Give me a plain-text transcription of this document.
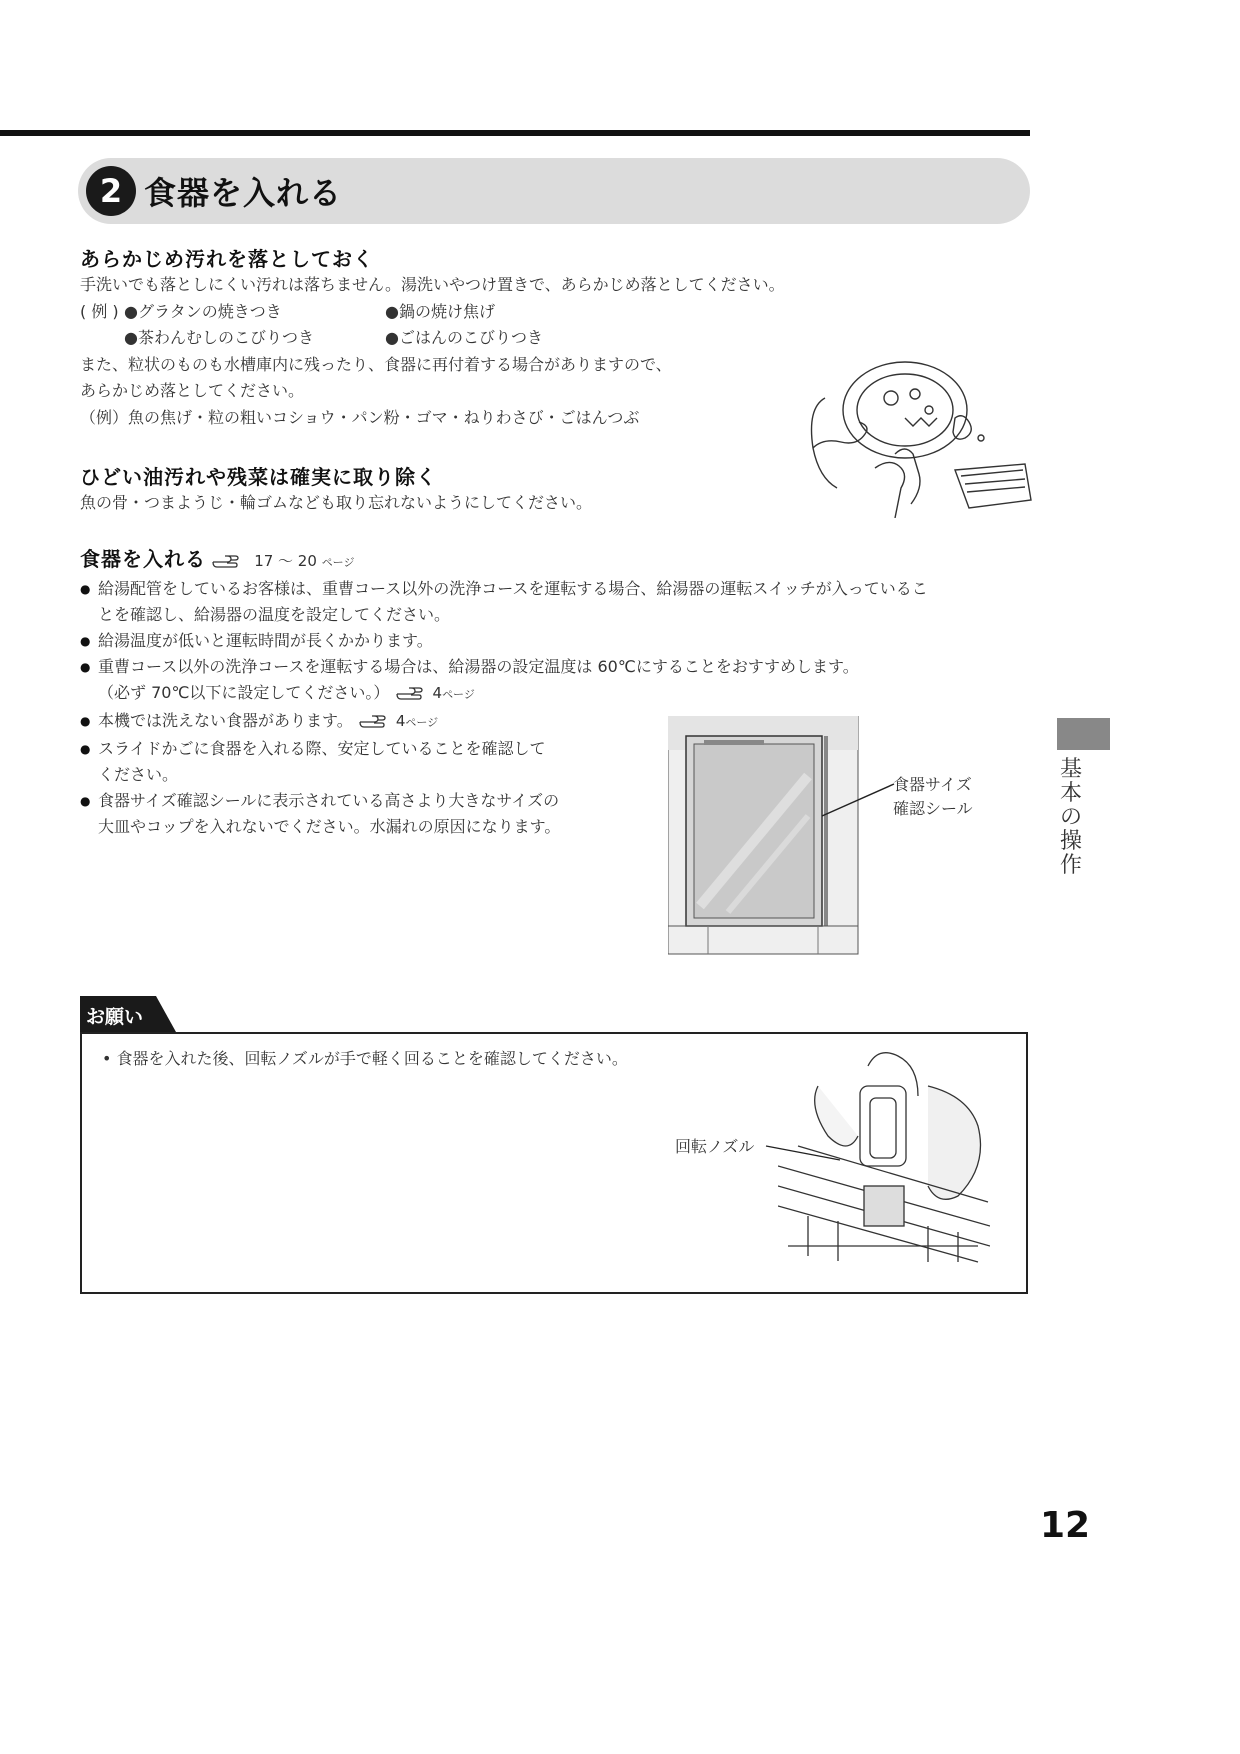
2 食器を入れる
あらかじめ汚れを落としておく
手洗いでも落としにくい汚れは落ちません。湯洗いやつけ置きで、あらかじめ落としてください。
( 例 ) ●グラタンの焼きつき	●鍋の焼け焦げ
●茶わんむしのこびりつき	●ごはんのこびりつき
また、粒状のものも水槽庫内に残ったり、食器に再付着する場合がありますので、
あらかじめ落としてください。
（例）魚の焦げ・粒の粗いコショウ・パン粉・ゴマ・ねりわさび・ごはんつぶ
ひどい油汚れや残菜は確実に取り除く
魚の骨・つまようじ・輪ゴムなども取り忘れないようにしてください。
食器を入れる	17 ～ 20 ページ
● 給湯配管をしているお客様は、重曹コース以外の洗浄コースを運転する場合、給湯器の運転スイッチが入っているこ
とを確認し、給湯器の温度を設定してください。
● 給湯温度が低いと運転時間が長くかかります。
● 重曹コース以外の洗浄コースを運転する場合は、給湯器の設定温度は 60℃にすることをおすすめします。
（必ず 70℃以下に設定してください。）	4ページ
● 本機では洗えない食器があります。	4ページ
● スライドかごに食器を入れる際、安定していることを確認して
ください。
● 食器サイズ確認シールに表示されている高さより大きなサイズの
大皿やコップを入れないでください。水漏れの原因になります。
食器サイズ
確認シール
お願い
• 食器を入れた後、回転ノズルが手で軽く回ることを確認してください。
回転ノズル
基
本
の
操
作
12
